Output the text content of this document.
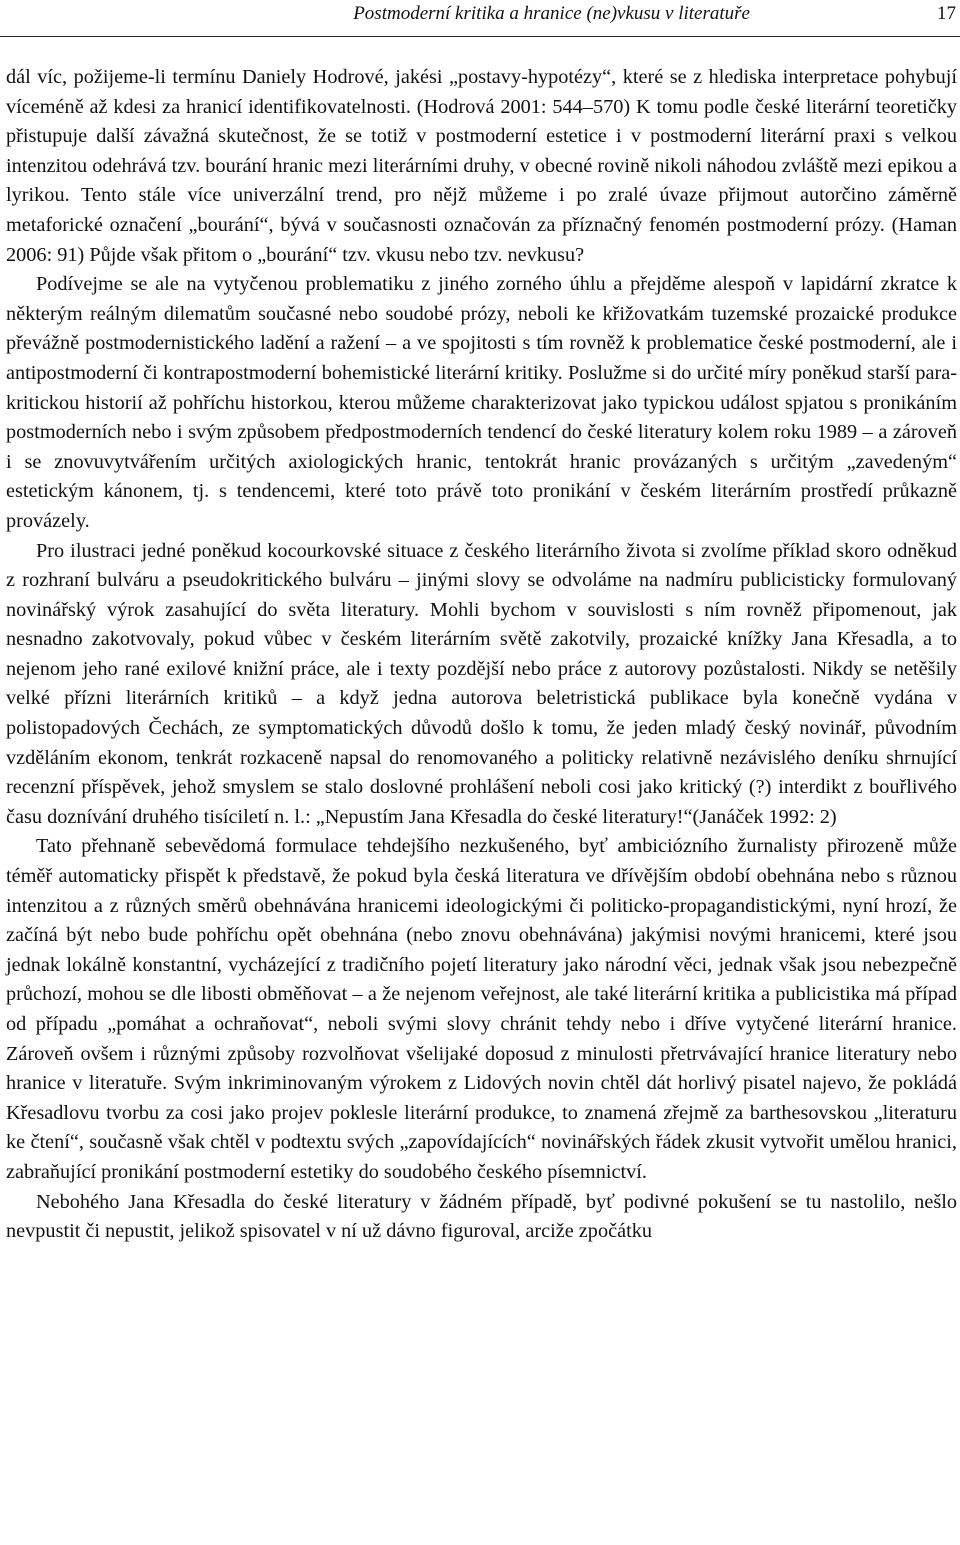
Postmoderní kritika a hranice (ne)vkusu v literatuře	17

dál víc, požijeme-li termínu Daniely Hodrové, jakési „postavy-hypotézy“, které se z hlediska interpretace pohybují víceméně až kdesi za hranicí identifikovatelnosti. (Hodrová 2001: 544–570) K tomu podle české literární teoretičky přistupuje další závažná skutečnost, že se totiž v postmoderní estetice i v postmoderní literární praxi s velkou intenzitou odehrává tzv. bourání hranic mezi literárními druhy, v obecné rovině nikoli náhodou zvláště mezi epikou a lyrikou. Tento stále více univerzální trend, pro nějž můžeme i po zralé úvaze přijmout autorčino záměrně metaforické označení „bourání“, bývá v současnosti označován za příznačný fenomén postmoderní prózy. (Haman 2006: 91) Půjde však přitom o „bourání“ tzv. vkusu nebo tzv. nevkusu?

Podívejme se ale na vytyčenou problematiku z jiného zorného úhlu a přejděme alespoň v lapidární zkratce k některým reálným dilematům současné nebo soudobé prózy, neboli ke křižovatkám tuzemské prozaické produkce převážně postmodernistického ladění a ražení – a ve spojitosti s tím rovněž k problematice české postmoderní, ale i antipostmoderní či kontrapostmoderní bohemistické literární kritiky. Poslužme si do určité míry poněkud starší para-kritickou historií až pohříchu historkou, kterou můžeme charakterizovat jako typickou událost spjatou s pronikáním postmoderních nebo i svým způsobem předpostmoderních tendencí do české literatury kolem roku 1989 – a zároveň i se znovuvytvářením určitých axiologických hranic, tentokrát hranic provázaných s určitým „zavedeným“ estetickým kánonem, tj. s tendencemi, které toto právě toto pronikání v českém literárním prostředí průkazně provázely.

Pro ilustraci jedné poněkud kocourkovské situace z českého literárního života si zvolíme příklad skoro odněkud z rozhraní bulváru a pseudokritického bulváru – jinými slovy se odvoláme na nadmíru publicisticky formulovaný novinářský výrok zasahující do světa literatury. Mohli bychom v souvislosti s ním rovněž připomenout, jak nesnadno zakotvovaly, pokud vůbec v českém literárním světě zakotvily, prozaické knížky Jana Křesadla, a to nejenom jeho rané exilové knižní práce, ale i texty pozdější nebo práce z autorovy pozůstalosti. Nikdy se netěšily velké přízni literárních kritiků – a když jedna autorova beletristická publikace byla konečně vydána v polistopadových Čechách, ze symptomatických důvodů došlo k tomu, že jeden mladý český novinář, původním vzděláním ekonom, tenkrát rozkaceně napsal do renomovaného a politicky relativně nezávislého deníku shrnující recenzní příspěvek, jehož smyslem se stalo doslovné prohlášení neboli cosi jako kritický (?) interdikt z bouřlivého času doznívání druhého tisíciletí n. l.: „Nepustím Jana Křesadla do české literatury!“(Janáček 1992: 2)

Tato přehnaně sebevědomá formulace tehdejšího nezkušeného, byť ambiciózního žurnalisty přirozeně může téměř automaticky přispět k představě, že pokud byla česká literatura ve dřívějším období obehnána nebo s různou intenzitou a z různých směrů obehnávána hranicemi ideologickými či politicko-propagandistickými, nyní hrozí, že začíná být nebo bude pohříchu opět obehnána (nebo znovu obehnávána) jakýmisi novými hranicemi, které jsou jednak lokálně konstantní, vycházející z tradičního pojetí literatury jako národní věci, jednak však jsou nebezpečně průchozí, mohou se dle libosti obměňovat – a že nejenom veřejnost, ale také literární kritika a publicistika má případ od případu „pomáhat a ochraňovat“, neboli svými slovy chránit tehdy nebo i dříve vytyčené literární hranice. Zároveň ovšem i různými způsoby rozvolňovat všelijaké doposud z minulosti přetrvávající hranice literatury nebo hranice v literatuře. Svým inkriminovaným výrokem z Lidových novin chtěl dát horlivý pisatel najevo, že pokládá Křesadlovu tvorbu za cosi jako projev poklesle literární produkce, to znamená zřejmě za barthesovskou „literaturu ke čtení“, současně však chtěl v podtextu svých „zapovídajících“ novinářských řádek zkusit vytvořit umělou hranici, zabraňující pronikání postmoderní estetiky do soudobého českého písemnictví.

Nebohého Jana Křesadla do české literatury v žádném případě, byť podivné pokušení se tu nastolilo, nešlo nevpustit či nepustit, jelikož spisovatel v ní už dávno figuroval, arciže zpočátku
